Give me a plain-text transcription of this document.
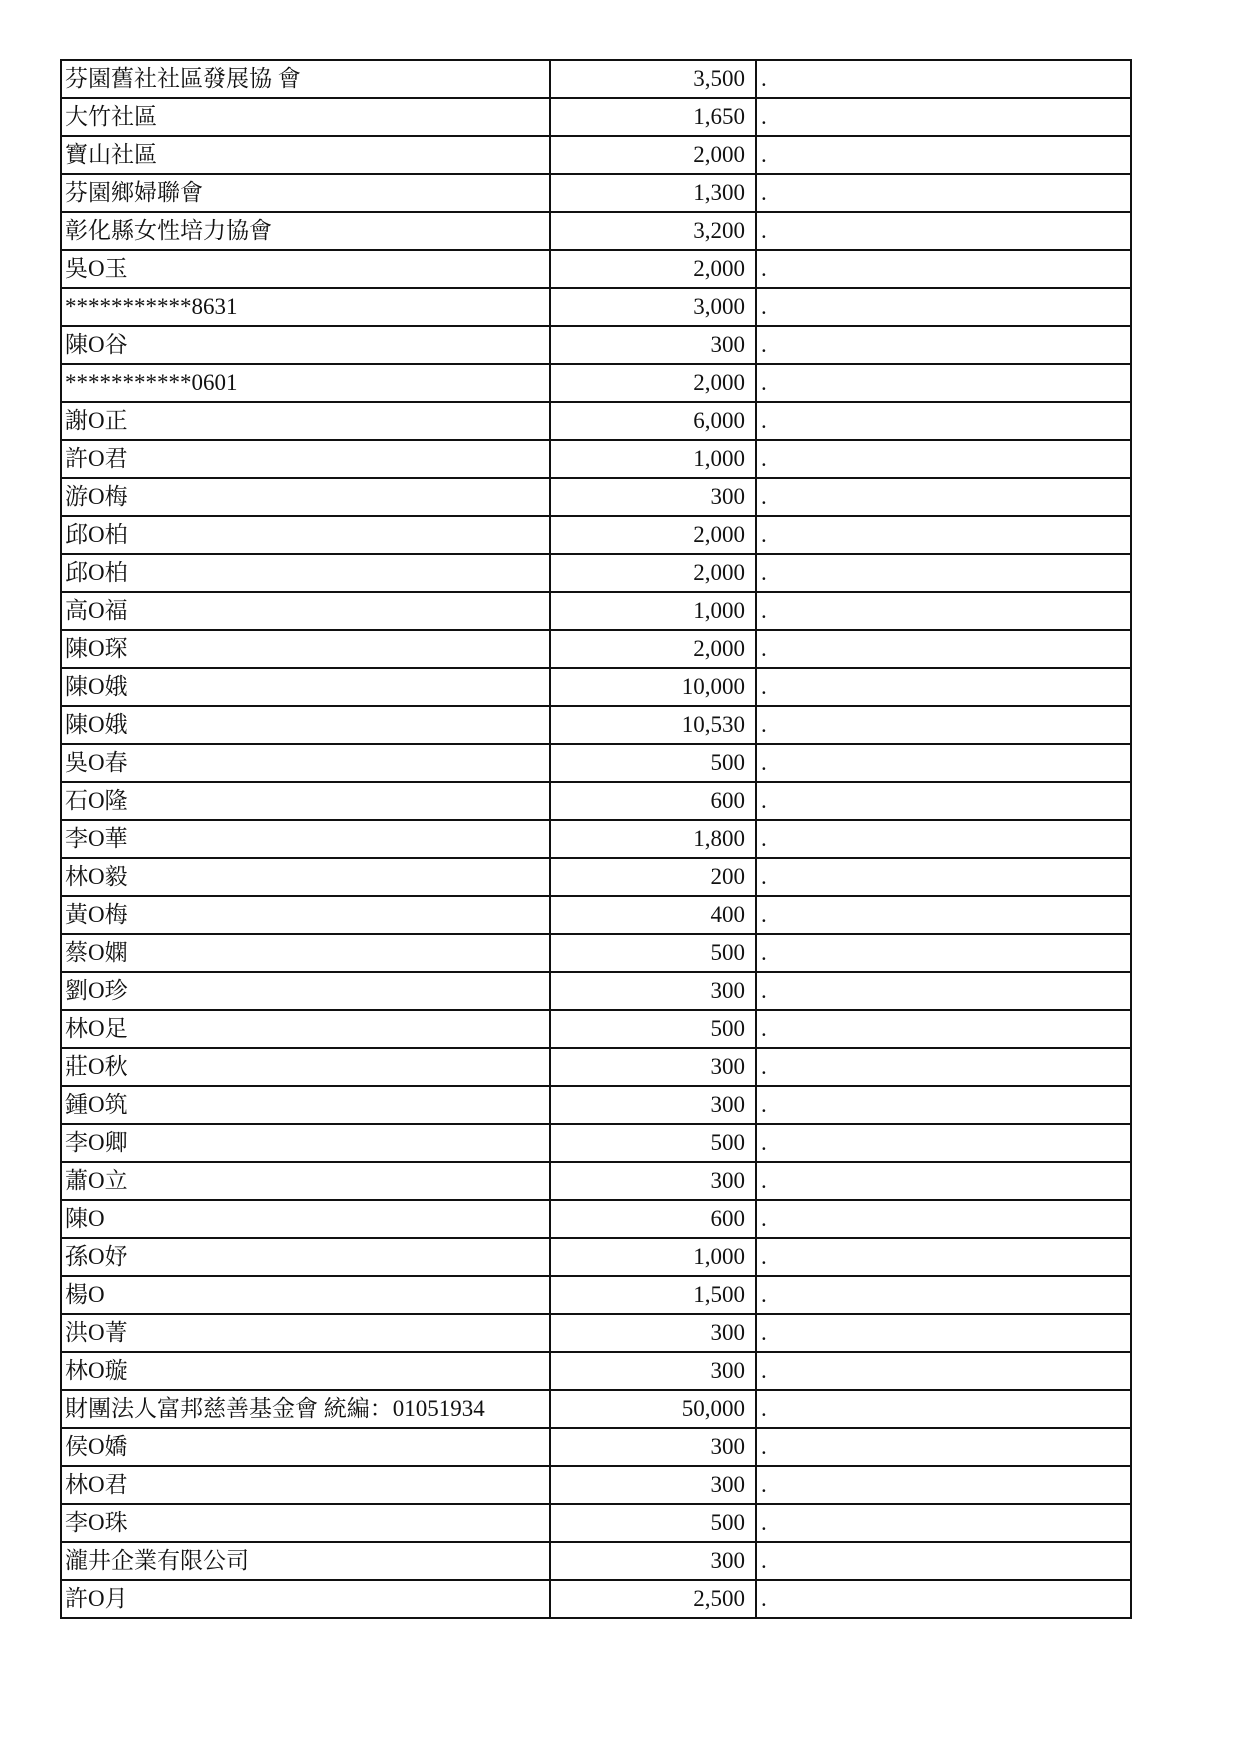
芬園舊社社區發展協 會	3,500	.
大竹社區	1,650	.
寶山社區	2,000	.
芬園鄉婦聯會	1,300	.
彰化縣女性培力協會	3,200	.
吳O玉	2,000	.
***********8631	3,000	.
陳O谷	300	.
***********0601	2,000	.
謝O正	6,000	.
許O君	1,000	.
游O梅	300	.
邱O柏	2,000	.
邱O柏	2,000	.
高O福	1,000	.
陳O琛	2,000	.
陳O娥	10,000	.
陳O娥	10,530	.
吳O春	500	.
石O隆	600	.
李O華	1,800	.
林O毅	200	.
黃O梅	400	.
蔡O嫻	500	.
劉O珍	300	.
林O足	500	.
莊O秋	300	.
鍾O筑	300	.
李O卿	500	.
蕭O立	300	.
陳O	600	.
孫O妤	1,000	.
楊O	1,500	.
洪O菁	300	.
林O璇	300	.
財團法人富邦慈善基金會 統編：01051934	50,000	.
侯O嬌	300	.
林O君	300	.
李O珠	500	.
瀧井企業有限公司	300	.
許O月	2,500	.
